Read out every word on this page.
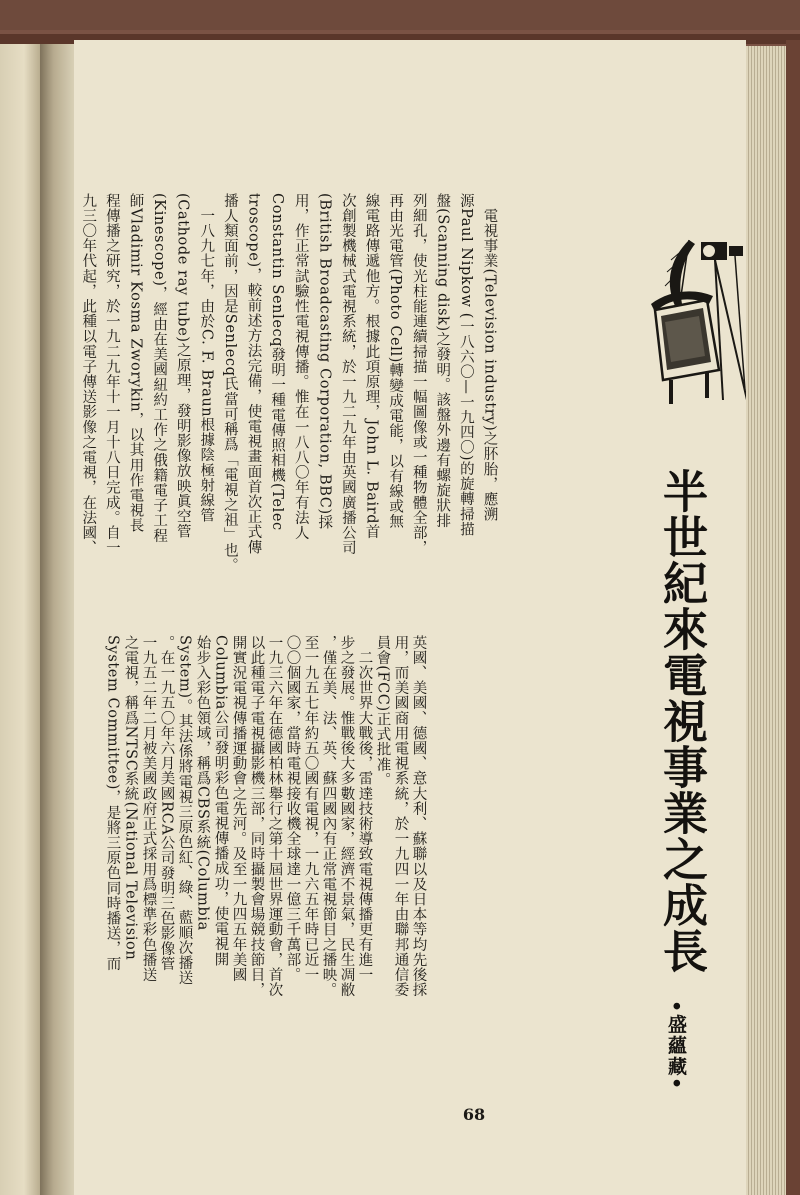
半世紀來電視事業之成長
•盛蘊藏•
　電視事業(Television industry)之肧胎，應溯
源Paul Nipkow (一八六〇—一九四〇)的旋轉掃描
盤(Scanning disk)之發明。該盤外邊有螺旋狀排
列細孔，使光柱能連續掃描一幅圖像或一種物體全部，
再由光電管(Photo Cell)轉變成電能，以有線或無
線電路傳遞他方。根據此項原理，John L. Baird首
次創製機械式電視系統，於一九二九年由英國廣播公司
(British Broadcasting Corporation, BBC)採
用，作正常試驗性電視傳播。惟在一八八〇年有法人
Constantin Senlecq發明一種電傳照相機(Telec
troscope)，較前述方法完備，使電視畫面首次正式傳
播人類面前，因是Senlecq氏當可稱爲「電視之祖」也。
　一八九七年，由於C. F. Braun根據陰極射線管
(Cathode ray tube)之原理，發明影像放映眞空管
(Kinescope)，經由在美國紐約工作之俄籍電子工程
師Vladimir Kosma Zworykin，以其用作電視長
程傳播之研究，於一九二九年十一月十八日完成。自一
九三〇年代起，此種以電子傳送影像之電視，在法國、
英國、美國、德國、意大利、蘇聯以及日本等均先後採
用，而美國商用電視系統，於一九四一年由聯邦通信委
員會(FCC)正式批准。
　二次世界大戰後，雷達技術導致電視傳播更有進一
步之發展。惟戰後大多數國家，經濟不景氣，民生凋敝
，僅在美、法、英、蘇四國內有正常電視節目之播映。
至一九五七年約五〇國有電視，一九六五年時已近一
〇〇個國家，當時電視接收機全球達一億三千萬部。
一九三六年在德國柏林舉行之第十屆世界運動會，首次
以此種電子電視攝影機三部，同時攝製會場競技節目，
開實況電視傳播運動會之先河。及至一九四五年美國
Columbia公司發明彩色電視傳播成功，使電視開
始步入彩色領域，稱爲CBS系統(Columbia
System)。其法係將電視三原色紅、綠、藍順次播送
。在一九五〇年六月美國RCA公司發明三色影像管
一九五二年二月被美國政府正式採用爲標準彩色播送
之電視，稱爲NTSC系統(National Television
System Committee)，是將三原色同時播送，而
68
